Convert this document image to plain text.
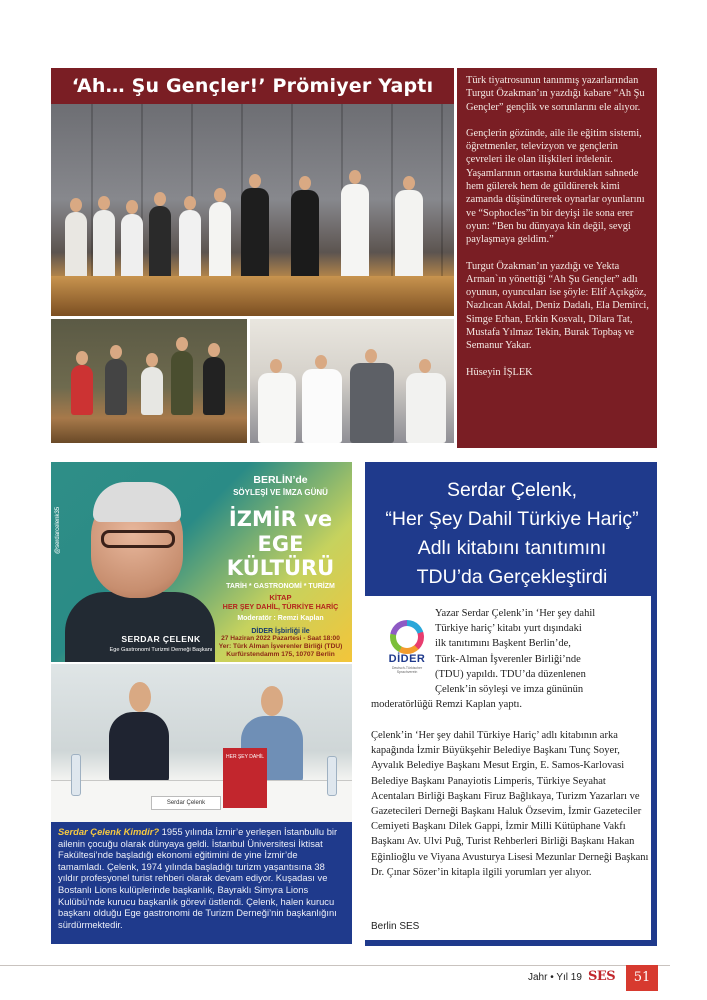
‘Ah… Şu Gençler!’ Prömiyer Yaptı	Türk tiyatrosunun tanınmış yazarlarından Turgut Özakman’ın yazdığı kabare “Ah Şu Gençler” gençlik ve sorunlarını ele alıyor.

Gençlerin gözünde, aile ile eğitim sistemi, öğretmenler, televizyon ve gençlerin çevreleri ile olan ilişkileri irdelenir. Yaşamlarının ortasına kurdukları sahnede hem gülerek hem de güldürerek kimi zamanda düşündürerek oynarlar oyunlarını ve “Sophocles”in bir deyişi ile sona erer oyun: “Ben bu dünyaya kin değil, sevgi paylaşmaya geldim.”

Turgut Özakman’ın yazdığı ve Yekta Arman`ın yönettiği “Ah Şu Gençler” adlı oyunun, oyuncuları ise şöyle: Elif Açıkgöz, Nazlıcan Akdal, Deniz Dadalı, Ela Demirci, Simge Erhan, Erkin Kosvalı, Dilara Tat, Mustafa Yılmaz Tekin, Burak Topbaş ve Semanur Yakar.

Hüseyin İŞLEK

@serdarcelenk35
SERDAR ÇELENK
Ege Gastronomi Turizmi Derneği Başkanı
BERLİN’de
SÖYLEŞİ VE İMZA GÜNÜ
İZMİR ve EGE
KÜLTÜRÜ
TARİH * GASTRONOMİ * TURİZM
KİTAP
HER ŞEY DAHİL, TÜRKİYE HARİÇ
Moderatör : Remzi Kaplan
DİDER İşbirliği ile
27 Haziran 2022 Pazartesi - Saat 18:00
Yer: Türk Alman İşverenler Birliği (TDU)
Kurfürstendamm 175, 10707 Berlin
Serdar Çelenk
HER ŞEY DAHİL
Serdar Çelenk Kimdir? 1955 yılında İzmir’e yerleşen İstanbullu bir ailenin çocuğu olarak dünyaya geldi. İstanbul Üniversitesi İktisat Fakültesi’nde başladığı ekonomi eğitimini de yine İzmir’de tamamladı. Çelenk, 1974 yılında başladığı turizm yaşantısına 38 yıldır profesyonel turist rehberi olarak devam ediyor. Kuşadası ve Bostanlı Lions kulüplerinde başkanlık, Bayraklı Simyra Lions Kulübü’nde kurucu başkanlık görevi üstlendi. Çelenk, halen kurucu başkanı olduğu Ege gastronomi de Turizm Derneği’nin başkanlığını sürdürmektedir.
Serdar Çelenk,
“Her Şey Dahil Türkiye Hariç”
Adlı kitabını tanıtımını
TDU’da Gerçekleştirdi
DİDER
Deutsch-Türkischer Sprachverein
Yazar Serdar Çelenk’in ‘Her şey dahil
Türkiye hariç’ kitabı yurt dışındaki
ilk tanıtımını Başkent Berlin’de,
Türk-Alman İşverenler Birliği’nde
(TDU) yapıldı. TDU’da düzenlenen
Çelenk’in söyleşi ve imza gününün
moderatörlüğü Remzi Kaplan yaptı.
Çelenk’in ‘Her şey dahil Türkiye Hariç’ adlı kitabının arka kapağında İzmir Büyükşehir Belediye Başkanı Tunç Soyer, Ayvalık Belediye Başkanı Mesut Ergin, E. Samos-Karlovasi Belediye Başkanı Panayiotis Limperis, Türkiye Seyahat Acentaları Birliği Başkanı Firuz Bağlıkaya, Turizm Yazarları ve Gazetecileri Derneği Başkanı Haluk Özsevim, İzmir Gazeteciler Cemiyeti Başkanı Dilek Gappi, İzmir Milli Kütüphane Vakfı Başkanı Av. Ulvi Puğ, Turist Rehberleri Birliği Başkanı Hakan Eğinlioğlu ve Viyana Avusturya Lisesi Mezunlar Derneği Başkanı Dr. Çınar Sözer’in kitapla ilgili yorumları yer alıyor.
Berlin SES
Jahr • Yıl 19 SES	51
